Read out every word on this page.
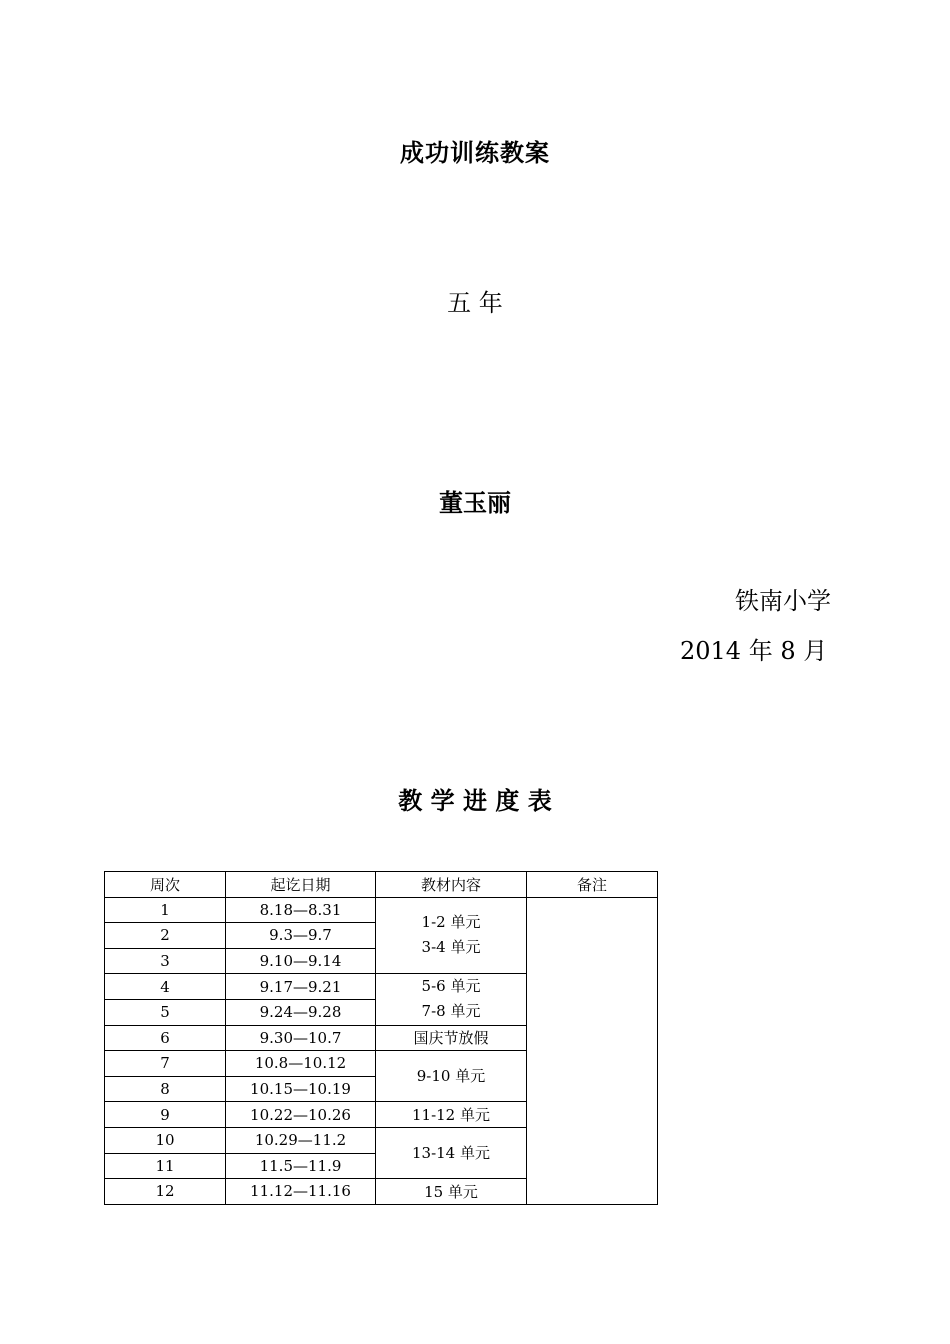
成功训练教案
五 年
董玉丽
铁南小学
2014 年 8 月
教 学 进 度 表
周次	起讫日期	教材内容	备注
1	8.18—8.31	1-2 单元
3-4 单元	

2	9.3—9.7		
3	9.10—9.14		
4	9.17—9.21	5-6 单元
7-8 单元	

5	9.24—9.28		
6	9.30—10.7	国庆节放假	
7	10.8—10.12	9-10 单元	

8	10.15—10.19		
9	10.22—10.26	11-12 单元	
10	10.29—11.2	13-14 单元	

11	11.5—11.9		
12	11.12—11.16	15 单元	
